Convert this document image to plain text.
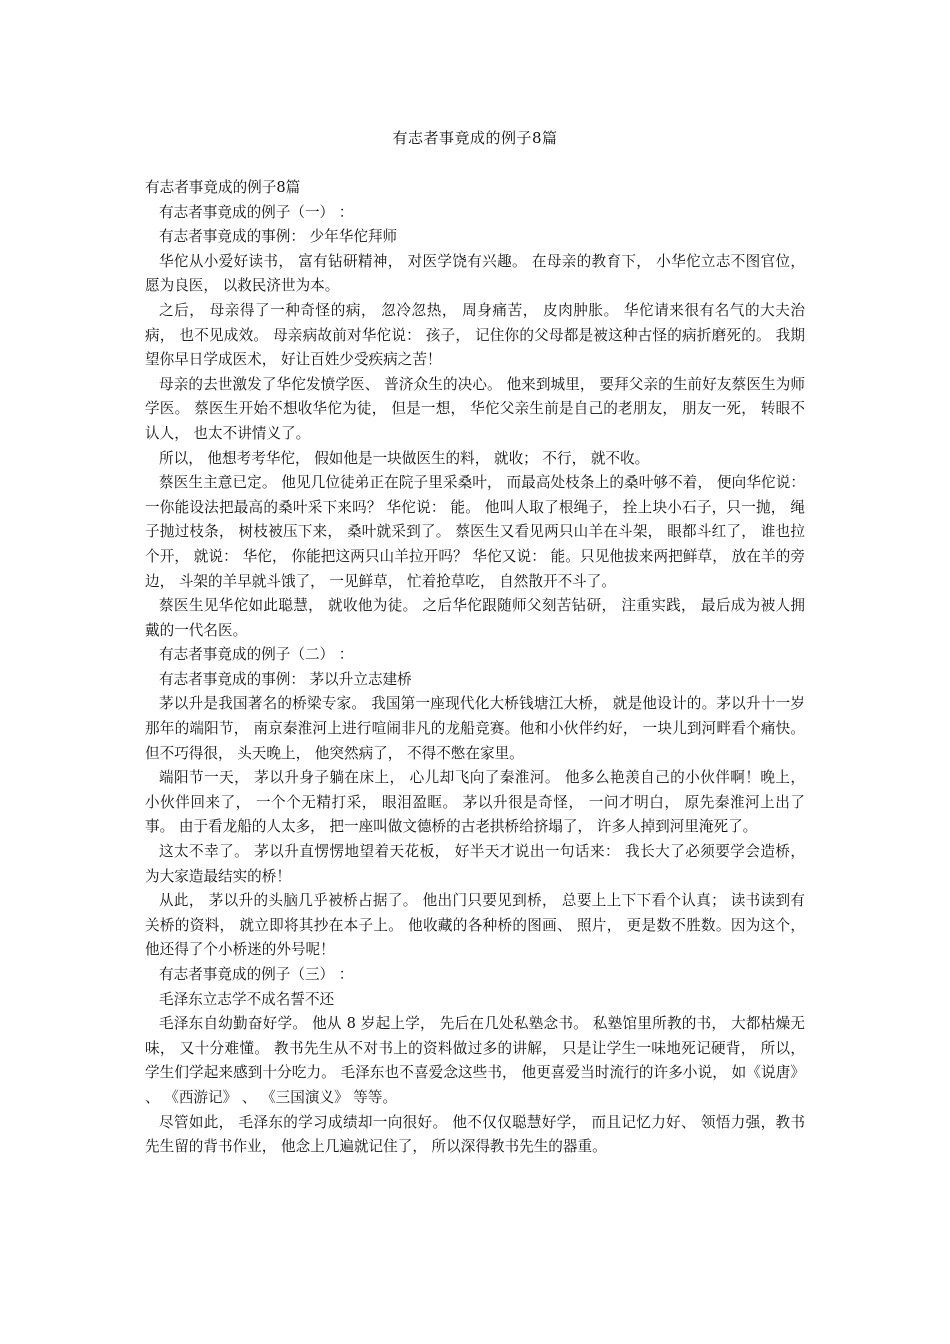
有志者事竟成的例子8篇

有志者事竟成的例子8篇

有志者事竟成的例子（一） ：

有志者事竟成的事例： 少年华佗拜师

华佗从小爱好读书， 富有钻研精神， 对医学饶有兴趣。 在母亲的教育下， 小华佗立志不图官位， 愿为良医， 以救民济世为本。

之后， 母亲得了一种奇怪的病， 忽冷忽热， 周身痛苦， 皮肉肿胀。 华佗请来很有名气的大夫治病， 也不见成效。 母亲病故前对华佗说： 孩子， 记住你的父母都是被这种古怪的病折磨死的。 我期望你早日学成医术， 好让百姓少受疾病之苦！

母亲的去世激发了华佗发愤学医、 普济众生的决心。 他来到城里， 要拜父亲的生前好友蔡医生为师学医。 蔡医生开始不想收华佗为徒， 但是一想， 华佗父亲生前是自己的老朋友， 朋友一死， 转眼不认人， 也太不讲情义了。

所以， 他想考考华佗， 假如他是一块做医生的料， 就收； 不行， 就不收。

蔡医生主意已定。 他见几位徒弟正在院子里采桑叶， 而最高处枝条上的桑叶够不着， 便向华佗说： 一你能设法把最高的桑叶采下来吗？ 华佗说： 能。 他叫人取了根绳子， 拴上块小石子，只一抛， 绳子抛过枝条， 树枝被压下来， 桑叶就采到了。 蔡医生又看见两只山羊在斗架， 眼都斗红了， 谁也拉个开， 就说： 华佗， 你能把这两只山羊拉开吗？ 华佗又说： 能。只见他拔来两把鲜草， 放在羊的旁边， 斗架的羊早就斗饿了， 一见鲜草， 忙着抢草吃， 自然散开不斗了。

蔡医生见华佗如此聪慧， 就收他为徒。 之后华佗跟随师父刻苦钻研， 注重实践， 最后成为被人拥戴的一代名医。

有志者事竟成的例子（二） ：

有志者事竟成的事例： 茅以升立志建桥

茅以升是我国著名的桥梁专家。 我国第一座现代化大桥钱塘江大桥， 就是他设计的。茅以升十一岁那年的端阳节， 南京秦淮河上进行喧闹非凡的龙船竞赛。他和小伙伴约好， 一块儿到河畔看个痛快。 但不巧得很， 头天晚上， 他突然病了， 不得不憋在家里。

端阳节一天， 茅以升身子躺在床上， 心儿却飞向了秦淮河。 他多么艳羡自己的小伙伴啊！晚上， 小伙伴回来了， 一个个无精打采， 眼泪盈眶。 茅以升很是奇怪， 一问才明白， 原先秦淮河上出了事。 由于看龙船的人太多， 把一座叫做文德桥的古老拱桥给挤塌了， 许多人掉到河里淹死了。

这太不幸了。 茅以升直愣愣地望着天花板， 好半天才说出一句话来： 我长大了必须要学会造桥， 为大家造最结实的桥！

从此， 茅以升的头脑几乎被桥占据了。 他出门只要见到桥， 总要上上下下看个认真； 读书读到有关桥的资料， 就立即将其抄在本子上。 他收藏的各种桥的图画、 照片， 更是数不胜数。因为这个， 他还得了个小桥迷的外号呢！

有志者事竟成的例子（三） ：

毛泽东立志学不成名誓不还

毛泽东自幼勤奋好学。 他从 8 岁起上学， 先后在几处私塾念书。 私塾馆里所教的书， 大都枯燥无味， 又十分难懂。 教书先生从不对书上的资料做过多的讲解， 只是让学生一味地死记硬背， 所以， 学生们学起来感到十分吃力。 毛泽东也不喜爱念这些书， 他更喜爱当时流行的许多小说， 如《说唐》 、 《西游记》 、 《三国演义》 等等。

尽管如此， 毛泽东的学习成绩却一向很好。 他不仅仅聪慧好学， 而且记忆力好、 领悟力强，教书先生留的背书作业， 他念上几遍就记住了， 所以深得教书先生的器重。
